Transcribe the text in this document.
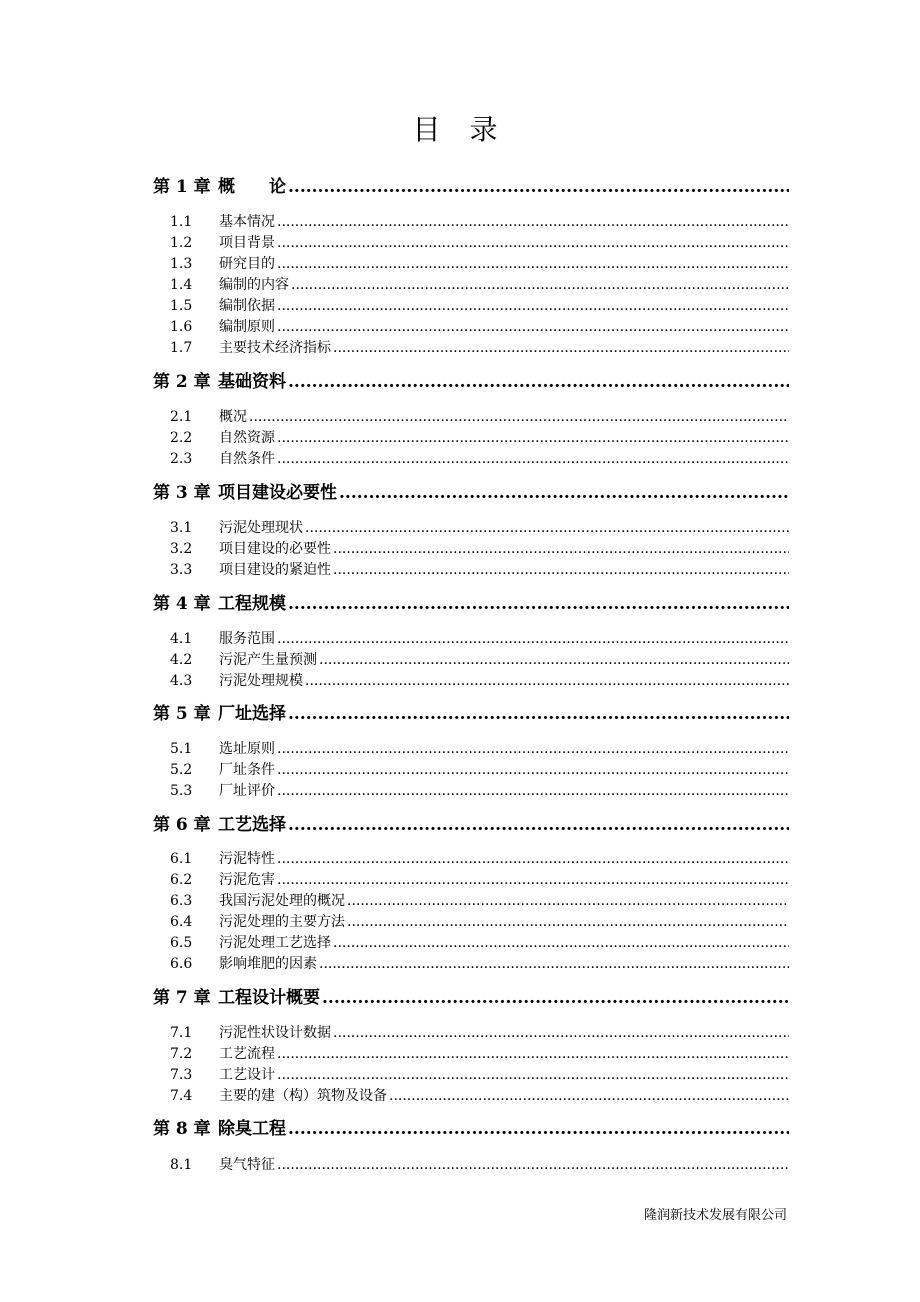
目 录
第 1 章 概　　论
.....
1.1	基本情况
.....
1.2	项目背景
.....
1.3	研究目的
.....
1.4	编制的内容
.....
1.5	编制依据
.....
1.6	编制原则
.....
1.7	主要技术经济指标
.....
第 2 章 基础资料
.....
2.1	概况
.....
2.2	自然资源
.....
2.3	自然条件
.....
第 3 章 项目建设必要性
.....
3.1	污泥处理现状
.....
3.2	项目建设的必要性
.....
3.3	项目建设的紧迫性
.....
第 4 章 工程规模
.....
4.1	服务范围
.....
4.2	污泥产生量预测
.....
4.3	污泥处理规模
.....
第 5 章 厂址选择
.....
5.1	选址原则
.....
5.2	厂址条件
.....
5.3	厂址评价
.....
第 6 章 工艺选择
.....
6.1	污泥特性
.....
6.2	污泥危害
.....
6.3	我国污泥处理的概况
.....
6.4	污泥处理的主要方法
.....
6.5	污泥处理工艺选择
.....
6.6	影响堆肥的因素
.....
第 7 章 工程设计概要
.....
7.1	污泥性状设计数据
.....
7.2	工艺流程
.....
7.3	工艺设计
.....
7.4	主要的建（构）筑物及设备
.....
第 8 章 除臭工程
.....
8.1	臭气特征
.....
隆润新技术发展有限公司
